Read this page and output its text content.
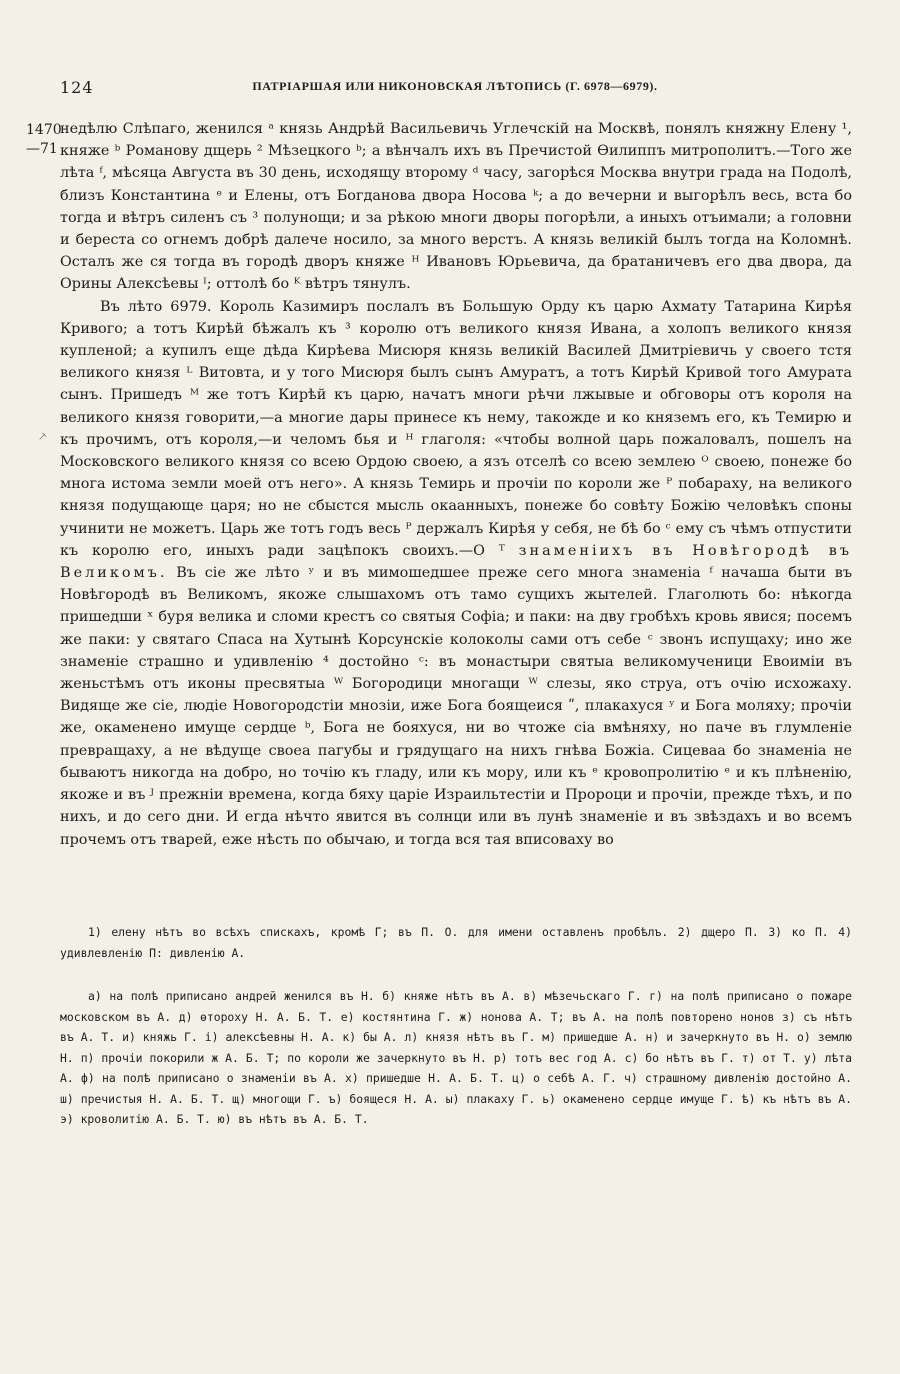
124	ПАТРІАРШАЯ ИЛИ НИКОНОВСКАЯ ЛѢТОПИСЬ (Г. 6978—6979).
1470
—71
⸕

недѣлю Слѣпаго, женился ᵃ князь Андрѣй Васильевичь Углечскій на Москвѣ, понялъ княжну Елену ¹, княже ᵇ Романову дщерь ² Мѣзецкого ᵇ; а вѣнчалъ ихъ въ Пречистой Ѳилиппъ митрополитъ.—Того же лѣта ᶠ, мѣсяца Августа въ 30 день, исходящу второму ᵈ часу, загорѣся Москва внутри града на Подолѣ, близъ Константина ᵉ и Елены, отъ Богданова двора Носова ᵏ; а до вечерни и выгорѣлъ весь, вста бо тогда и вѣтръ силенъ съ ³ полунощи; и за рѣкою многи дворы погорѣли, а иныхъ отъимали; а головни и береста со огнемъ добрѣ далече носило, за много верстъ. А князь великій былъ тогда на Коломнѣ. Осталъ же ся тогда въ городѣ дворъ княже ᴴ Ивановъ Юрьевича, да братаничевъ его два двора, да Орины Алексѣевы ᴵ; оттолѣ бо ᴷ вѣтръ тянулъ.

Въ лѣто 6979. Король Казимиръ послалъ въ Большую Орду къ царю Ахмату Татарина Кирѣя Кривого; а тотъ Кирѣй бѣжалъ къ ³ королю отъ великого князя Ивана, а холопъ великого князя купленой; а купилъ еще дѣда Кирѣева Мисюря князь великій Василей Дмитріевичь у своего тстя великого князя ᴸ Витовта, и у того Мисюря былъ сынъ Амуратъ, а тотъ Кирѣй Кривой того Амурата сынъ. Пришедъ ᴹ же тотъ Кирѣй къ царю, начатъ многи рѣчи лжывые и обговоры отъ короля на великого князя говорити,—а многие дары принесе къ нему, такожде и ко княземъ его, къ Темирю и къ прочимъ, отъ короля,—и челомъ бья и ᴴ глаголя: «чтобы волной царь пожаловалъ, пошелъ на Московского великого князя со всею Ордою своею, а язъ отселѣ со всею землею ᴼ своею, понеже бо многа истома земли моей отъ него». А князь Темирь и прочіи по короли же ᴾ побараху, на великого князя подущающе царя; но не сбыстся мысль окаанныхъ, понеже бо совѣту Божію человѣкъ споны учинити не можетъ. Царь же тотъ годъ весь ᴾ держалъ Кирѣя у себя, не бѣ бо ᶜ ему съ чѣмъ отпустити къ королю его, иныхъ ради зацѣпокъ своихъ.—О ᵀ знаменіихъ въ Новѣгородѣ въ Великомъ. Въ сіе же лѣто ʸ и въ мимошедшее преже сего многа знаменіа ᶠ начаша быти въ Новѣгородѣ въ Великомъ, якоже слышахомъ отъ тамо сущихъ жытелей. Глаголють бо: нѣкогда пришедши ˣ буря велика и сломи крестъ со святыя Софіа; и паки: на дву гробѣхъ кровь явися; посемъ же паки: у святаго Спаса на Хутынѣ Корсунскіе колоколы сами отъ себе ᶜ звонъ испущаху; ино же знаменіе страшно и удивленію ⁴ достойно ᶜ: въ монастыри святыа великомученици Евоиміи въ женьстѣмъ отъ иконы пресвятыа ᵂ Богородици многащи ᵂ слезы, яко струа, отъ очію исхожаху. Видяще же сіе, людіе Новогородстіи мнозіи, иже Бога боящеися ʺ, плакахуся ʸ и Бога моляху; прочіи же, окаменено имуще сердце ᵇ, Бога не бояхуся, ни во чтоже сіа вмѣняху, но паче въ глумленіе превращаху, а не вѣдуще своеа пагубы и грядущаго на нихъ гнѣва Божіа. Сицеваа бо знаменіа не бываютъ никогда на добро, но точію къ гладу, или къ мору, или къ ᵉ кровопролитію ᵉ и къ плѣненію, якоже и въ ᴶ прежніи времена, когда бяху царіе Израильтестіи и Пророци и прочіи, прежде тѣхъ, и по нихъ, и до сего дни. И егда нѣчто явится въ солнци или въ лунѣ знаменіе и въ звѣздахъ и во всемъ прочемъ отъ тварей, еже нѣсть по обычаю, и тогда вся тая вписоваху во

1) елену нѣтъ во всѣхъ спискахъ, кромѣ Г; въ П. О. для имени оставленъ пробѣлъ. 2) дщеро П. 3) ко П. 4) удивлевленію П: дивленію А.

а) на полѣ приписано андрей женился въ Н. б) княже нѣтъ въ А. в) мѣзечьскаго Г. г) на полѣ приписано о пожаре московском въ А. д) ѳтороху Н. А. Б. Т. е) костянтина Г. ж) нонова А. Т; въ А. на полѣ повторено нонов з) съ нѣтъ въ А. Т. и) княжь Г. і) алексѣевны Н. А. к) бы А. л) князя нѣтъ въ Г. м) пришедше А. н) и зачеркнуто въ Н. о) землю Н. п) прочіи покорили ж А. Б. Т; по короли же зачеркнуто въ Н. р) тотъ вес год А. с) бо нѣтъ въ Г. т) от Т. у) лѣта А. ф) на полѣ приписано о знаменіи въ А. х) пришедше Н. А. Б. Т. ц) о себѣ А. Г. ч) страшному дивленію достойно А. ш) пречистыя Н. А. Б. Т. щ) многощи Г. ъ) боящеся Н. А. ы) плакаху Г. ь) окаменено сердце имуще Г. ѣ) къ нѣтъ въ А. э) кроволитію А. Б. Т. ю) въ нѣтъ въ А. Б. Т.
